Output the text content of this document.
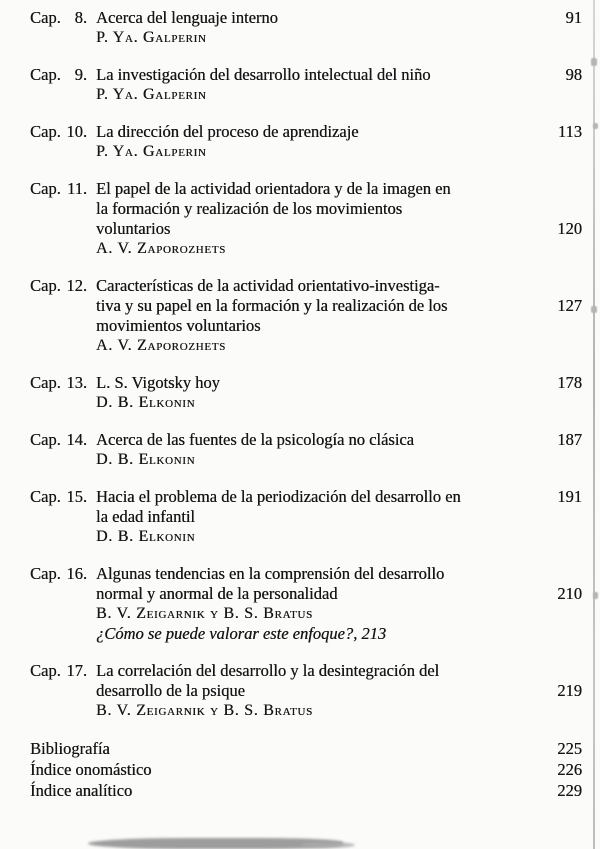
Cap. 8. Acerca del lenguaje interno	91
P. Ya. Galperin
Cap. 9. La investigación del desarrollo intelectual del niño	98
P. Ya. Galperin
Cap. 10. La dirección del proceso de aprendizaje	113
P. Ya. Galperin
Cap. 11. El papel de la actividad orientadora y de la imagen en
la formación y realización de los movimientos
voluntarios	120
A. V. Zaporozhets
Cap. 12. Características de la actividad orientativo-investiga-
tiva y su papel en la formación y la realización de los	127
movimientos voluntarios
A. V. Zaporozhets
Cap. 13. L. S. Vigotsky hoy	178
D. B. Elkonin
Cap. 14. Acerca de las fuentes de la psicología no clásica	187
D. B. Elkonin
Cap. 15. Hacia el problema de la periodización del desarrollo en	191
la edad infantil
D. B. Elkonin
Cap. 16. Algunas tendencias en la comprensión del desarrollo
normal y anormal de la personalidad	210
B. V. Zeigarnik y B. S. Bratus
¿Cómo se puede valorar este enfoque?, 213
Cap. 17. La correlación del desarrollo y la desintegración del
desarrollo de la psique	219
B. V. Zeigarnik y B. S. Bratus
Bibliografía	225
Índice onomástico	226
Índice analítico	229
